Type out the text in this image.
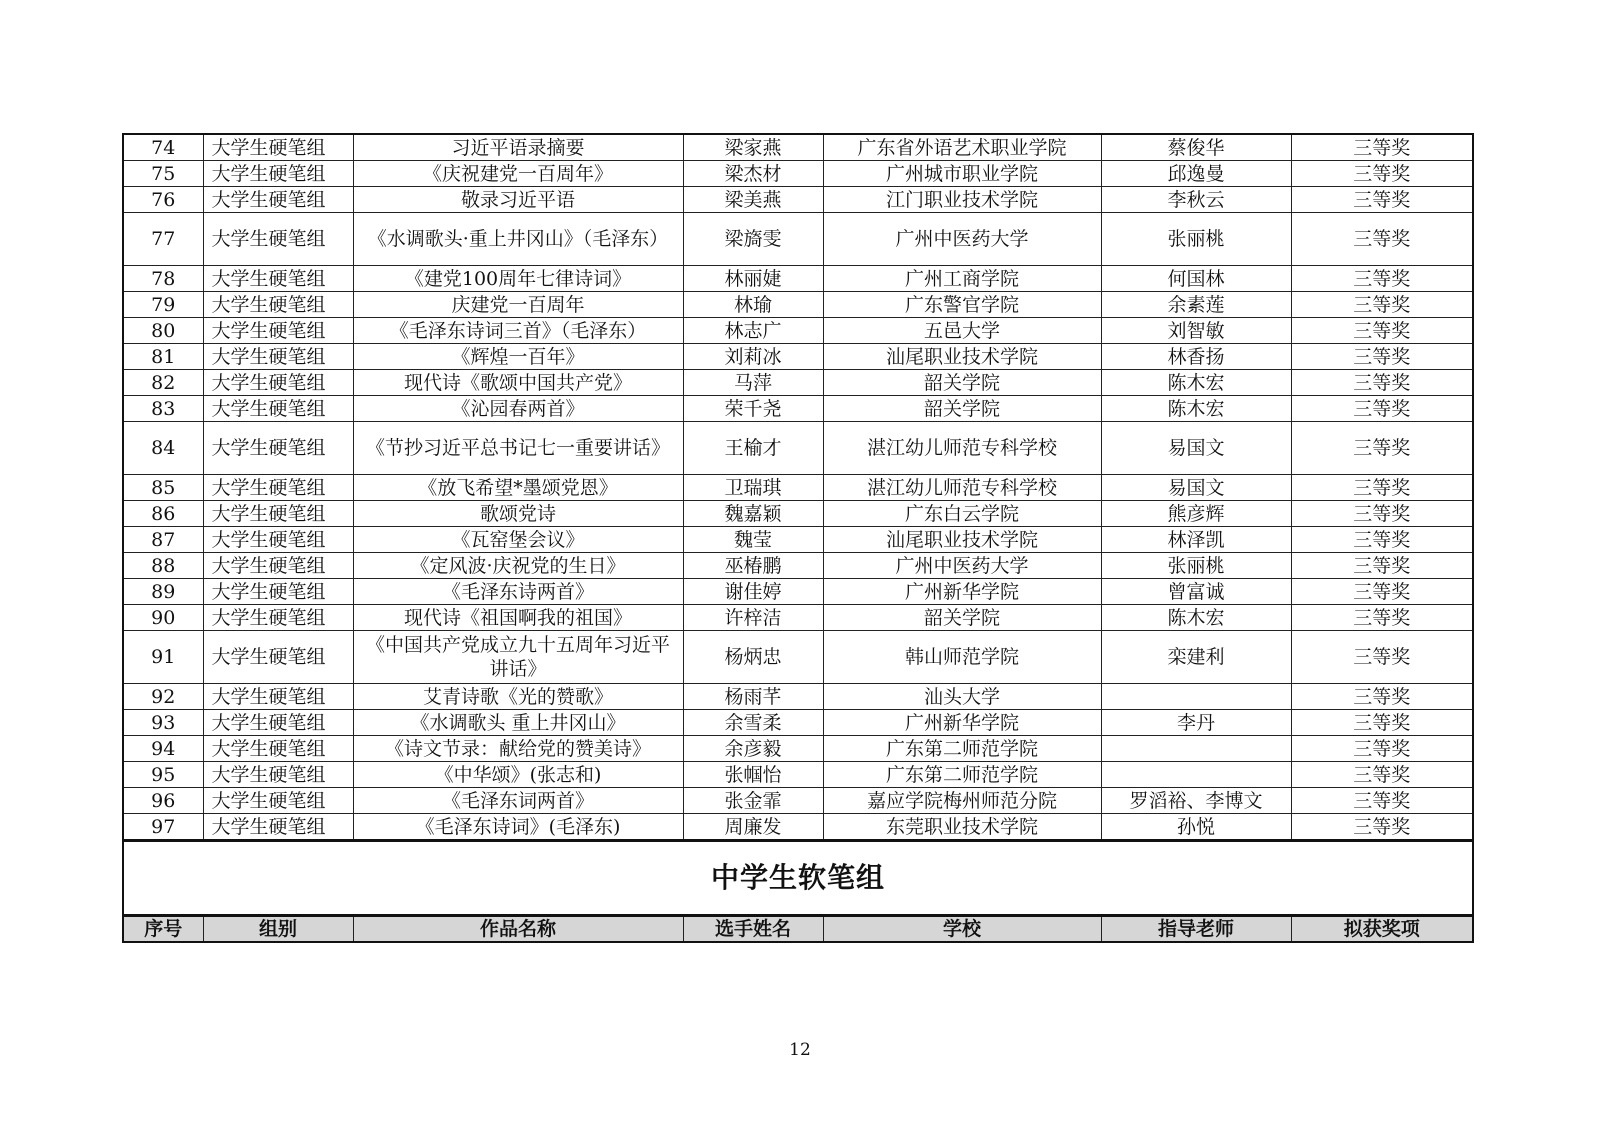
74	大学生硬笔组	习近平语录摘要	梁家燕	广东省外语艺术职业学院	蔡俊华	三等奖
75	大学生硬笔组	《庆祝建党一百周年》	梁杰材	广州城市职业学院	邱逸曼	三等奖
76	大学生硬笔组	敬录习近平语	梁美燕	江门职业技术学院	李秋云	三等奖
77	大学生硬笔组	《水调歌头·重上井冈山》（毛泽东）	梁旖雯	广州中医药大学	张丽桃	三等奖
78	大学生硬笔组	《建党100周年七律诗词》	林丽婕	广州工商学院	何国林	三等奖
79	大学生硬笔组	庆建党一百周年	林瑜	广东警官学院	余素莲	三等奖
80	大学生硬笔组	《毛泽东诗词三首》（毛泽东）	林志广	五邑大学	刘智敏	三等奖
81	大学生硬笔组	《辉煌一百年》	刘莉冰	汕尾职业技术学院	林香扬	三等奖
82	大学生硬笔组	现代诗《歌颂中国共产党》	马萍	韶关学院	陈木宏	三等奖
83	大学生硬笔组	《沁园春两首》	荣千尧	韶关学院	陈木宏	三等奖
84	大学生硬笔组	《节抄习近平总书记七一重要讲话》	王榆才	湛江幼儿师范专科学校	易国文	三等奖
85	大学生硬笔组	《放飞希望*墨颂党恩》	卫瑞琪	湛江幼儿师范专科学校	易国文	三等奖
86	大学生硬笔组	歌颂党诗	魏嘉颖	广东白云学院	熊彦辉	三等奖
87	大学生硬笔组	《瓦窑堡会议》	魏莹	汕尾职业技术学院	林泽凯	三等奖
88	大学生硬笔组	《定风波·庆祝党的生日》	巫椿鹏	广州中医药大学	张丽桃	三等奖
89	大学生硬笔组	《毛泽东诗两首》	谢佳婷	广州新华学院	曾富诚	三等奖
90	大学生硬笔组	现代诗《祖国啊我的祖国》	许梓洁	韶关学院	陈木宏	三等奖
91	大学生硬笔组	《中国共产党成立九十五周年习近平讲话》	杨炳忠	韩山师范学院	栾建利	三等奖
92	大学生硬笔组	艾青诗歌《光的赞歌》	杨雨芊	汕头大学		三等奖
93	大学生硬笔组	《水调歌头 重上井冈山》	余雪柔	广州新华学院	李丹	三等奖
94	大学生硬笔组	《诗文节录：献给党的赞美诗》	余彦毅	广东第二师范学院		三等奖
95	大学生硬笔组	《中华颂》(张志和)	张帼怡	广东第二师范学院		三等奖
96	大学生硬笔组	《毛泽东词两首》	张金霏	嘉应学院梅州师范分院	罗滔裕、李博文	三等奖
97	大学生硬笔组	《毛泽东诗词》(毛泽东)	周廉发	东莞职业技术学院	孙悦	三等奖
中学生软笔组						
序号	组别	作品名称	选手姓名	学校	指导老师	拟获奖项
12
